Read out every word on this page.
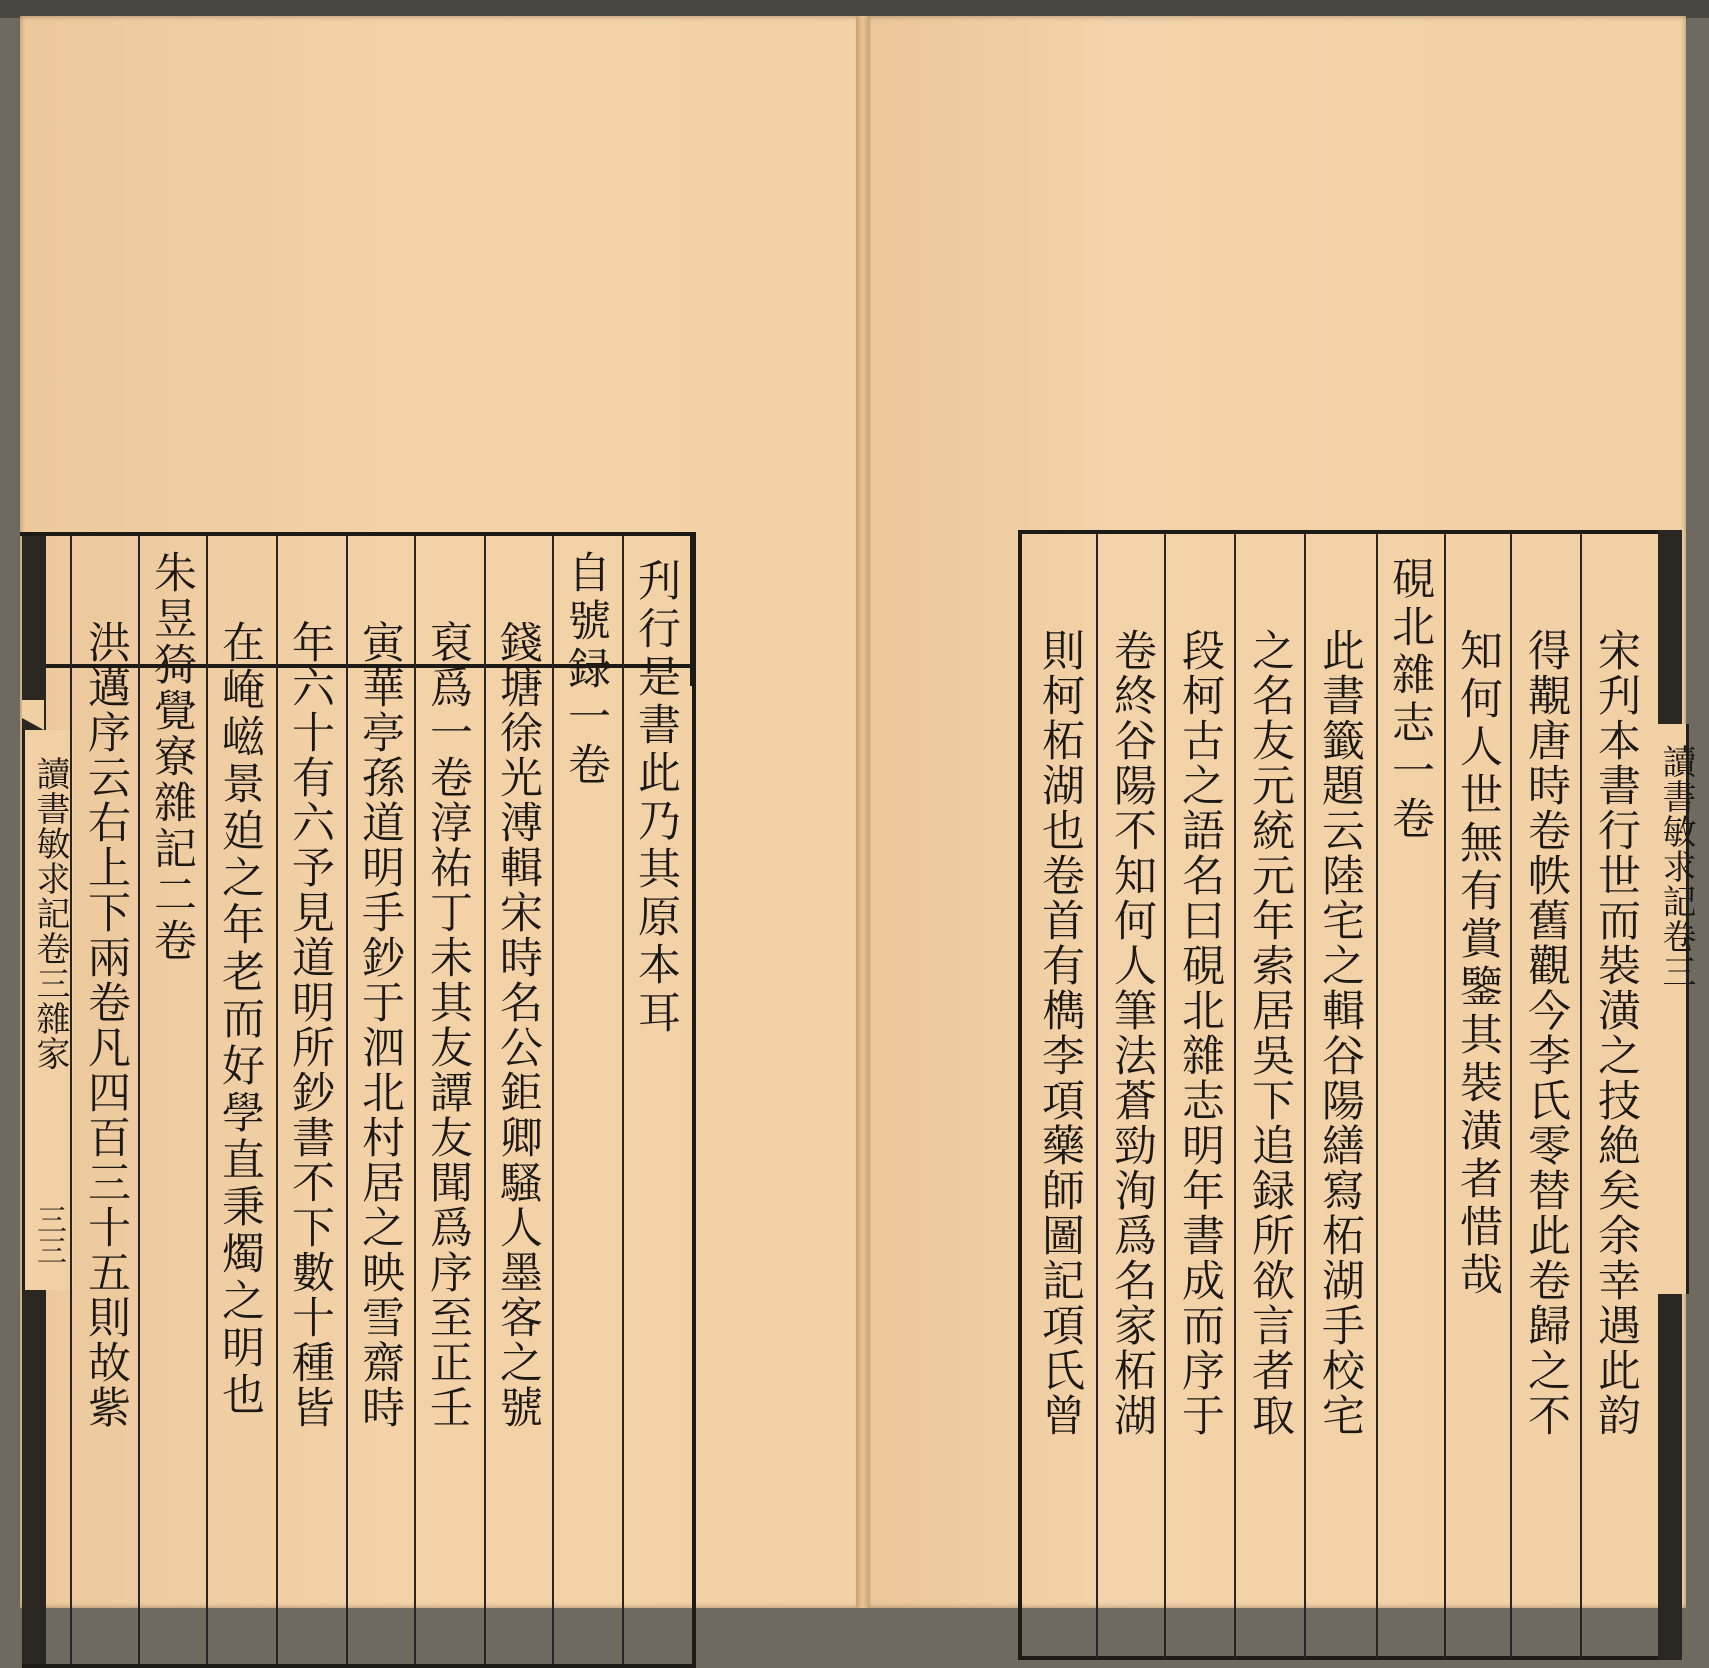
讀書敏求記卷三雜家
三三
刋行是書此乃其原本耳
自號録一卷
錢塘徐光溥輯宋時名公鉅卿騷人墨客之號
裒爲一卷淳祐丁未其友譚友聞爲序至正壬
寅華亭孫道明手鈔于泗北村居之映雪齋時
年六十有六予見道明所鈔書不下數十種皆
在崦嵫景廹之年老而好學直秉燭之明也
朱昱猗覺寮雜記二卷
洪邁序云右上下兩卷凡四百三十五則故紫	讀書敏求記卷三
宋刋本書行世而裝潢之技絶矣余幸遇此韵
得覯唐時卷帙舊觀今李氏零替此卷歸之不
知何人世無有賞鑒其裝潢者惜哉
硯北雜志一卷
此書籤題云陸宅之輯谷陽繕寫柘湖手校宅
之名友元統元年索居吳下追録所欲言者取
段柯古之語名曰硯北雜志明年書成而序于
卷終谷陽不知何人筆法蒼勁洵爲名家柘湖
則柯柘湖也卷首有檇李項藥師圖記項氏曾
